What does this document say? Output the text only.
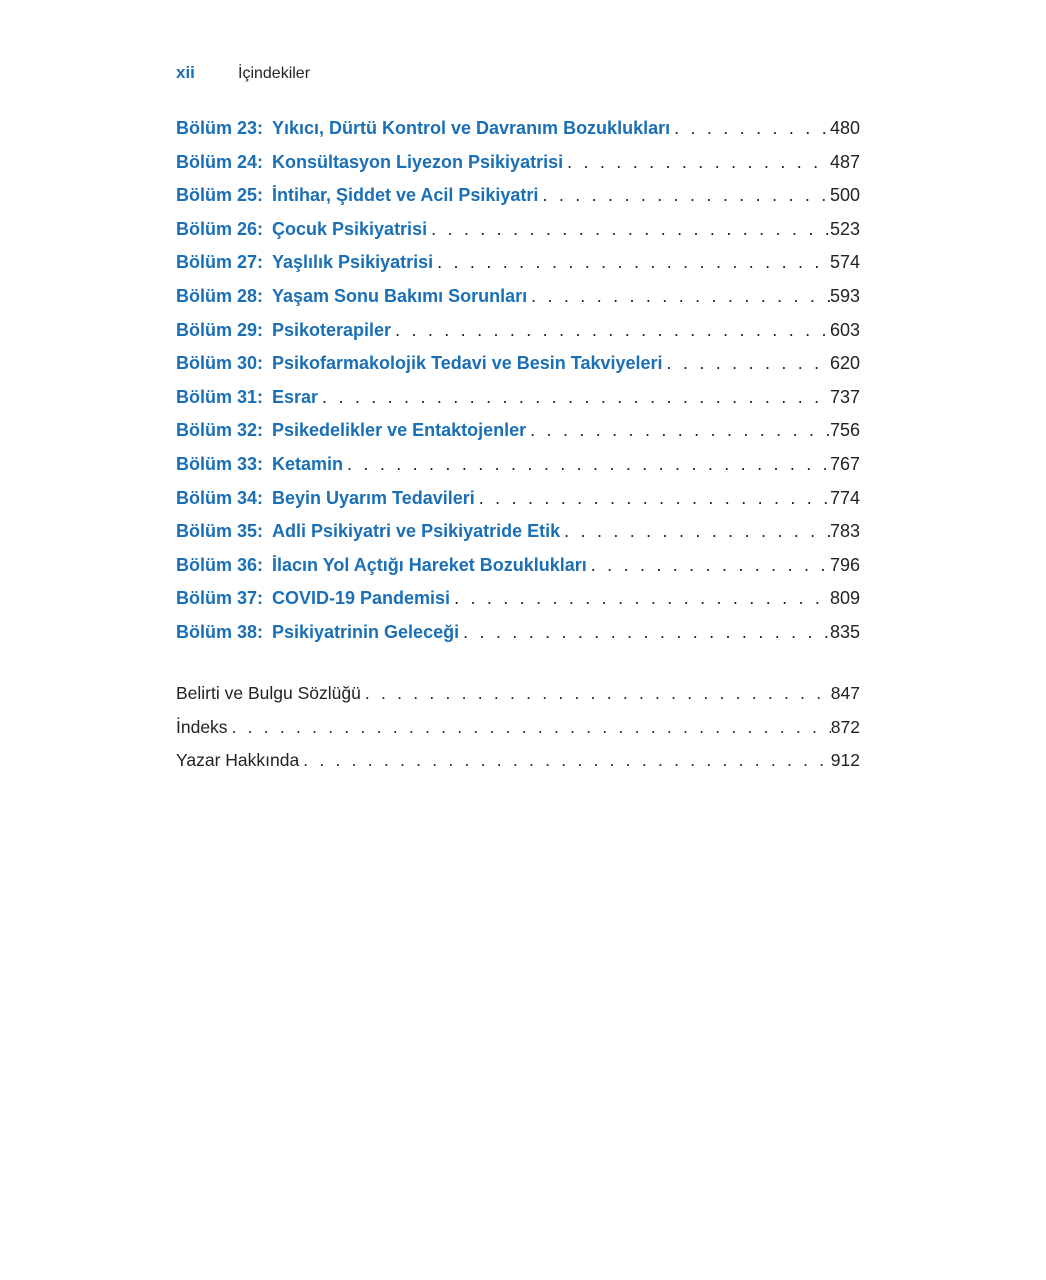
xii	İçindekiler
Bölüm 23: Yıkıcı, Dürtü Kontrol ve Davranım Bozuklukları . . .	480
Bölüm 24: Konsültasyon Liyezon Psikiyatrisi . . .	487
Bölüm 25: İntihar, Şiddet ve Acil Psikiyatri . . .	500
Bölüm 26: Çocuk Psikiyatrisi . . .	523
Bölüm 27: Yaşlılık Psikiyatrisi . . .	574
Bölüm 28: Yaşam Sonu Bakımı Sorunları . . .	593
Bölüm 29: Psikoterapiler . . .	603
Bölüm 30: Psikofarmakolojik Tedavi ve Besin Takviyeleri . . .	620
Bölüm 31: Esrar . . .	737
Bölüm 32: Psikedelikler ve Entaktojenler . . .	756
Bölüm 33: Ketamin . . .	767
Bölüm 34: Beyin Uyarım Tedavileri . . .	774
Bölüm 35: Adli Psikiyatri ve Psikiyatride Etik . . .	783
Bölüm 36: İlacın Yol Açtığı Hareket Bozuklukları . . .	796
Bölüm 37: COVID-19 Pandemisi . . .	809
Bölüm 38: Psikiyatrinin Geleceği . . .	835
Belirti ve Bulgu Sözlüğü . . .	847
İndeks . . .	872
Yazar Hakkında . . .	912
